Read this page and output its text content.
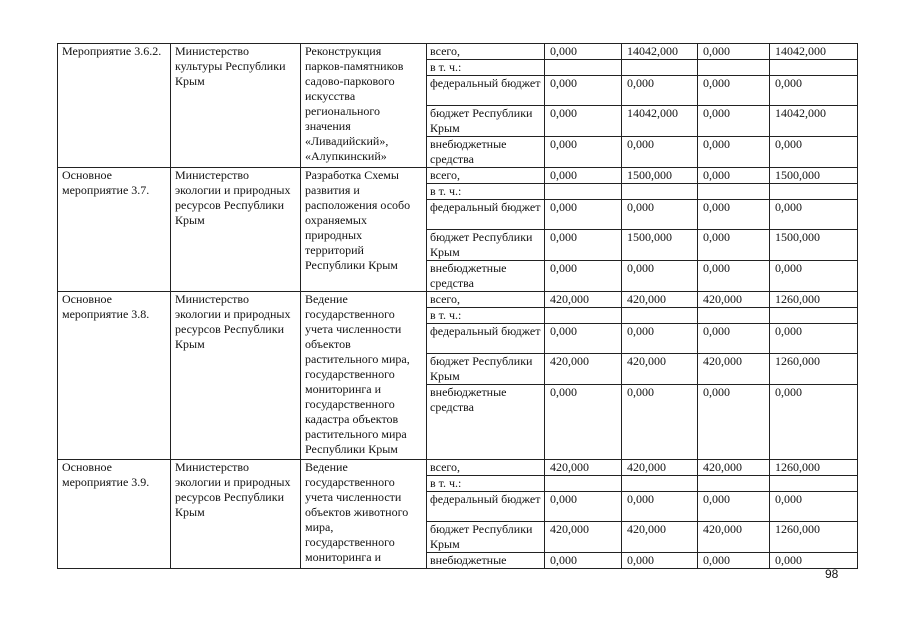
Мероприятие 3.6.2.	Министерство культуры Республики Крым	Реконструкция парков-памятников садово-паркового искусства регионального значения «Ливадийский», «Алупкинский»	всего,	0,000	14042,000	0,000	14042,000
			в т. ч.:				
			федеральный бюджет	0,000	0,000	0,000	0,000
			бюджет Республики Крым	0,000	14042,000	0,000	14042,000
			внебюджетные средства	0,000	0,000	0,000	0,000
Основное мероприятие 3.7.	Министерство экологии и природных ресурсов Республики Крым	Разработка Схемы развития и расположения особо охраняемых природных территорий Республики Крым	всего,	0,000	1500,000	0,000	1500,000
			в т. ч.:				
			федеральный бюджет	0,000	0,000	0,000	0,000
			бюджет Республики Крым	0,000	1500,000	0,000	1500,000
			внебюджетные средства	0,000	0,000	0,000	0,000
Основное мероприятие 3.8.	Министерство экологии и природных ресурсов Республики Крым	Ведение государственного учета численности объектов растительного мира, государственного мониторинга и государственного кадастра объектов растительного мира Республики Крым	всего,	420,000	420,000	420,000	1260,000
			в т. ч.:				
			федеральный бюджет	0,000	0,000	0,000	0,000
			бюджет Республики Крым	420,000	420,000	420,000	1260,000
			внебюджетные средства	0,000	0,000	0,000	0,000
Основное мероприятие 3.9.	Министерство экологии и природных ресурсов Республики Крым	Ведение государственного учета численности объектов животного мира, государственного мониторинга и	всего,	420,000	420,000	420,000	1260,000
			в т. ч.:				
			федеральный бюджет	0,000	0,000	0,000	0,000
			бюджет Республики Крым	420,000	420,000	420,000	1260,000
			внебюджетные	0,000	0,000	0,000	0,000
98
